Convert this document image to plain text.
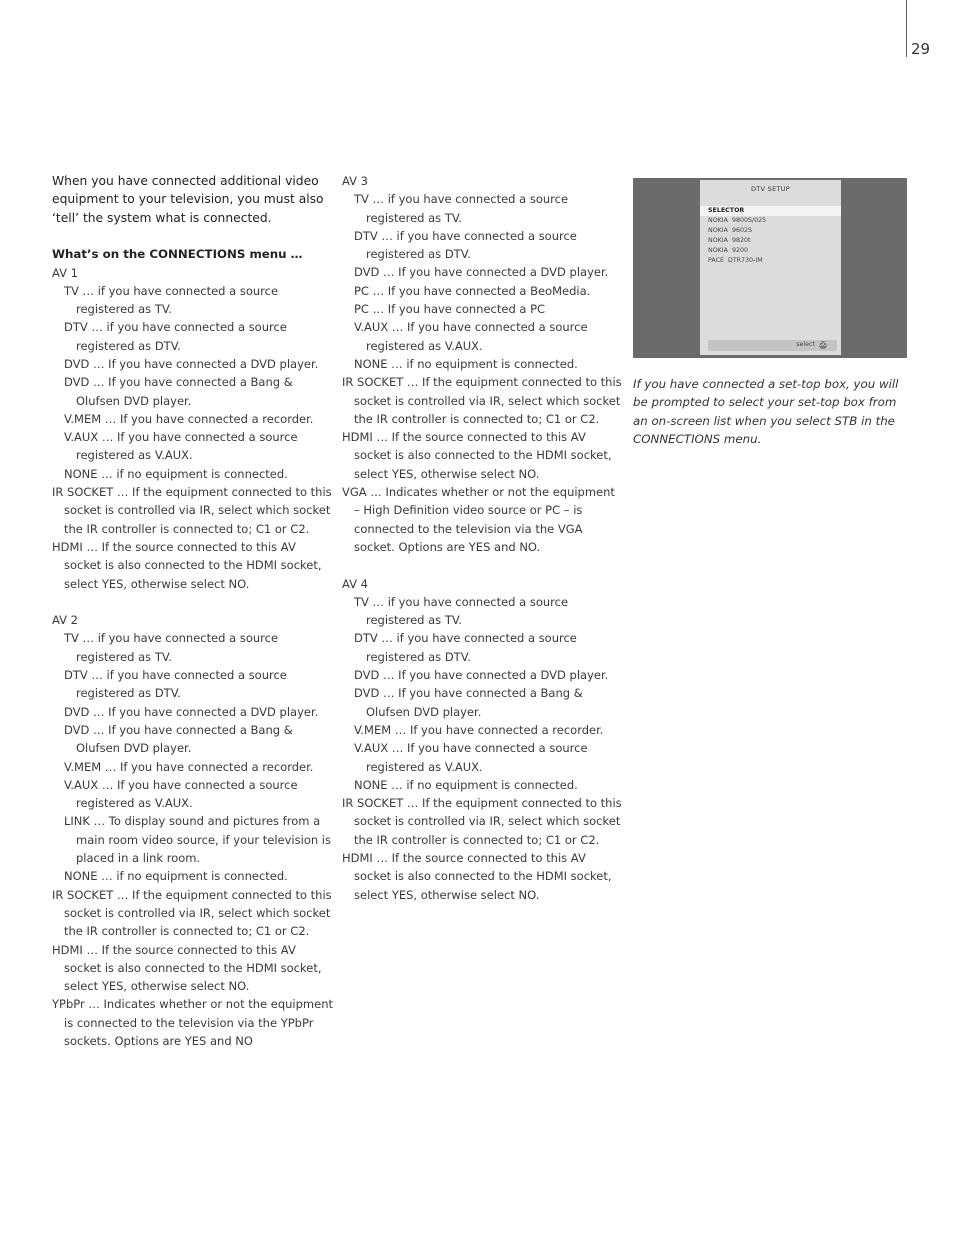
29
When you have connected additional video equipment to your television, you must also ‘tell’ the system what is connected.
What’s on the CONNECTIONS menu …
AV 1
TV … if you have connected a source registered as TV.
DTV … if you have connected a source registered as DTV.
DVD … If you have connected a DVD player.
DVD … If you have connected a Bang & Olufsen DVD player.
V.MEM … If you have connected a recorder.
V.AUX … If you have connected a source registered as V.AUX.
NONE … if no equipment is connected.
IR SOCKET … If the equipment connected to this socket is controlled via IR, select which socket the IR controller is connected to; C1 or C2.
HDMI … If the source connected to this AV socket is also connected to the HDMI socket, select YES, otherwise select NO.
AV 2
TV … if you have connected a source registered as TV.
DTV … if you have connected a source registered as DTV.
DVD … If you have connected a DVD player.
DVD … If you have connected a Bang & Olufsen DVD player.
V.MEM … If you have connected a recorder.
V.AUX … If you have connected a source registered as V.AUX.
LINK … To display sound and pictures from a main room video source, if your television is placed in a link room.
NONE … if no equipment is connected.
IR SOCKET … If the equipment connected to this socket is controlled via IR, select which socket the IR controller is connected to; C1 or C2.
HDMI … If the source connected to this AV socket is also connected to the HDMI socket, select YES, otherwise select NO.
YPbPr … Indicates whether or not the equipment is connected to the television via the YPbPr sockets. Options are YES and NO
AV 3
TV … if you have connected a source registered as TV.
DTV … if you have connected a source registered as DTV.
DVD … If you have connected a DVD player.
PC … If you have connected a BeoMedia.
PC … If you have connected a PC
V.AUX … If you have connected a source registered as V.AUX.
NONE … if no equipment is connected.
IR SOCKET … If the equipment connected to this socket is controlled via IR, select which socket the IR controller is connected to; C1 or C2.
HDMI … If the source connected to this AV socket is also connected to the HDMI socket, select YES, otherwise select NO.
VGA … Indicates whether or not the equipment – High Definition video source or PC – is connected to the television via the VGA socket. Options are YES and NO.
AV 4
TV … if you have connected a source registered as TV.
DTV … if you have connected a source registered as DTV.
DVD … If you have connected a DVD player.
DVD … If you have connected a Bang & Olufsen DVD player.
V.MEM … If you have connected a recorder.
V.AUX … If you have connected a source registered as V.AUX.
NONE … if no equipment is connected.
IR SOCKET … If the equipment connected to this socket is controlled via IR, select which socket the IR controller is connected to; C1 or C2.
HDMI … If the source connected to this AV socket is also connected to the HDMI socket, select YES, otherwise select NO.
DTV SETUP
SELECTOR
NOKIA  9800S/025
NOKIA  9602S
NOKIA  9820t
NOKIA  9200
PACE  DTR730-IM
select GO
If you have connected a set-top box, you will be prompted to select your set-top box from an on-screen list when you select STB in the CONNECTIONS menu.
